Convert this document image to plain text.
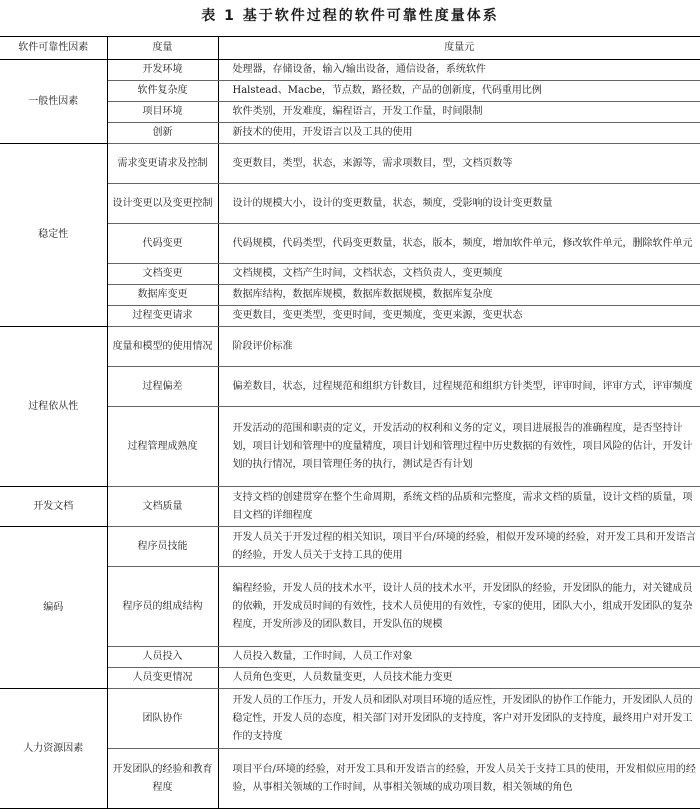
表 1 基于软件过程的软件可靠性度量体系
软件可靠性因素	度量	度量元
一般性因素	开发环境	处理器，存储设备，输入/输出设备，通信设备，系统软件
	软件复杂度	Halstead、Macbe，节点数，路径数，产品的创新度，代码重用比例
	项目环境	软件类别，开发难度，编程语言，开发工作量，时间限制
	创新	新技术的使用，开发语言以及工具的使用
稳定性	需求变更请求及控制	变更数目，类型，状态，来源等，需求项数目，型，文档页数等
	设计变更以及变更控制	设计的规模大小，设计的变更数量，状态，频度，受影响的设计变更数量
	代码变更	代码规模，代码类型，代码变更数量，状态，版本，频度，增加软件单元，修改软件单元，删除软件单元
	文档变更	文档规模，文档产生时间，文档状态，文档负责人，变更频度
	数据库变更	数据库结构，数据库规模，数据库数据规模，数据库复杂度
	过程变更请求	变更数目，变更类型，变更时间，变更频度，变更来源，变更状态
过程依从性	度量和模型的使用情况	阶段评价标准
	过程偏差	偏差数目，状态，过程规范和组织方针数目，过程规范和组织方针类型，评审时间，评审方式，评审频度
	过程管理成熟度	开发活动的范围和职责的定义，开发活动的权利和义务的定义，项目进展报告的准确程度，是否坚持计划，项目计划和管理中的度量精度，项目计划和管理过程中历史数据的有效性，项目风险的估计，开发计划的执行情况，项目管理任务的执行，测试是否有计划
开发文档	文档质量	支持文档的创建贯穿在整个生命周期，系统文档的品质和完整度，需求文档的质量，设计文档的质量，项目文档的详细程度
编码	程序员技能	开发人员关于开发过程的相关知识，项目平台/环境的经验，相似开发环境的经验，对开发工具和开发语言的经验，开发人员关于支持工具的使用
	程序员的组成结构	编程经验，开发人员的技术水平，设计人员的技术水平，开发团队的经验，开发团队的能力，对关键成员的依赖，开发成员时间的有效性，技术人员使用的有效性，专家的使用，团队大小，组成开发团队的复杂程度，开发所涉及的团队数目，开发队伍的规模
	人员投入	人员投入数量，工作时间，人员工作对象
	人员变更情况	人员角色变更，人员数量变更，人员技术能力变更
人力资源因素	团队协作	开发人员的工作压力，开发人员和团队对项目环境的适应性，开发团队的协作工作能力，开发团队人员的稳定性，开发人员的态度，相关部门对开发团队的支持度，客户对开发团队的支持度，最终用户对开发工作的支持度
	开发团队的经验和教育程度	项目平台/环境的经验，对开发工具和开发语言的经验，开发人员关于支持工具的使用，开发相似应用的经验，从事相关领域的工作时间，从事相关领域的成功项目数，相关领域的角色
